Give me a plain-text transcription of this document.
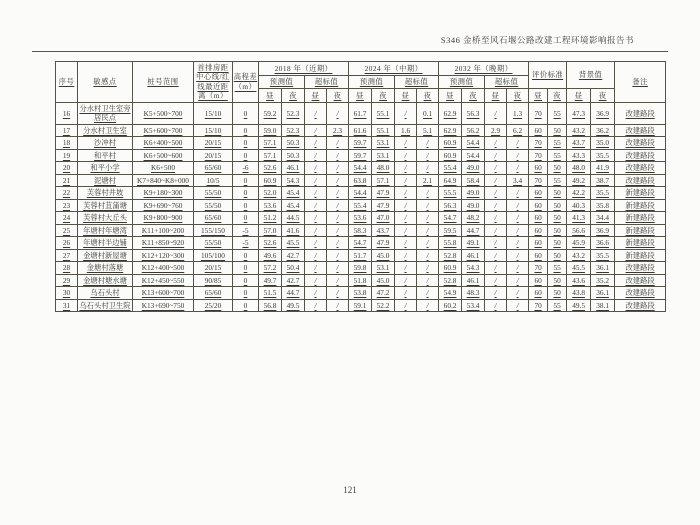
S346 金桥至风石堰公路改建工程环境影响报告书
序号	敏感点	桩号范围	首排房距中心线/红线最近距离（m）	高程差（m）	2018 年（近期）				2024 年（中期）				2032 年（晚期）				评价标准		背景值		备注
					预测值		超标值		预测值		超标值		预测值		超标值						
					昼	夜	昼	夜	昼	夜	昼	夜	昼	夜	昼	夜	昼	夜	昼	夜	
16	分水村卫生室旁居民点	K5+500~700	15/10	0	59.2	52.3	/	/	61.7	55.1	/	0.1	62.9	56.3	/	1.3	70	55	47.3	36.9	改建路段
17	分水村卫生室	K5+600~700	15/10	0	59.0	52.3	/	2.3	61.6	55.1	1.6	5.1	62.9	56.2	2.9	6.2	60	50	43.2	36.2	改建路段
18	沙冲村	K6+400~500	20/15	0	57.1	50.3	/	/	59.7	53.1	/	/	60.9	54.4	/	/	70	55	43.7	35.0	改建路段
19	和平村	K6+500~600	20/15	0	57.1	50.3	/	/	59.7	53.1	/	/	60.9	54.4	/	/	70	55	43.3	35.5	改建路段
20	和平小学	K6+500	65/60	-6	52.6	46.1	/	/	54.4	48.0	/	/	55.4	49.0	/	/	60	50	48.0	41.9	改建路段
21	泥塘村	K7+840~K8+000	10/5	0	60.9	54.3	/	/	63.8	57.1	/	2.1	64.9	58.4	/	3.4	70	55	49.2	38.7	改建路段
22	芙蓉村井坡	K9+180~300	55/50	0	52.0	45.4	/	/	54.4	47.9	/	/	55.5	49.0	/	/	60	50	42.2	35.5	新建路段
23	芙蓉村苴蒲塘	K9+690~760	55/50	0	53.6	45.4	/	/	55.4	47.9	/	/	56.3	49.0	/	/	60	50	40.3	35.8	新建路段
24	芙蓉村大丘头	K9+800~900	65/60	0	51.2	44.5	/	/	53.6	47.0	/	/	54.7	48.2	/	/	60	50	41.3	34.4	新建路段
25	年塘村年塘湾	K11+100~200	155/150	-5	57.0	41.6	/	/	58.3	43.7	/	/	59.5	44.7	/	/	60	50	56.6	36.9	新建路段
26	年塘村半边铺	K11+850~920	55/50	-5	52.6	45.5	/	/	54.7	47.9	/	/	55.8	49.1	/	/	60	50	45.9	36.6	新建路段
27	金塘村新屋塘	K12+120~300	105/100	0	49.6	42.7	/	/	51.7	45.0	/	/	52.8	46.1	/	/	60	50	43.2	35.5	新建路段
28	金塘村落塘	K12+400~500	20/15	0	57.2	50.4	/	/	59.8	53.1	/	/	60.9	54.3	/	/	70	55	45.5	36.1	改建路段
29	金塘村塘水塘	K12+450~550	90/85	0	49.7	42.7	/	/	51.8	45.0	/	/	52.8	46.1	/	/	60	50	43.6	35.2	改建路段
30	乌石头村	K13+600~700	65/60	0	51.5	44.7	/	/	53.8	47.2	/	/	54.9	48.3	/	/	60	50	43.8	36.1	改建路段
31	乌石头村卫生院	K13+690~750	25/20	0	56.8	49.5	/	/	59.1	52.2	/	/	60.2	53.4	/	/	70	55	49.5	38.1	改建路段
121
